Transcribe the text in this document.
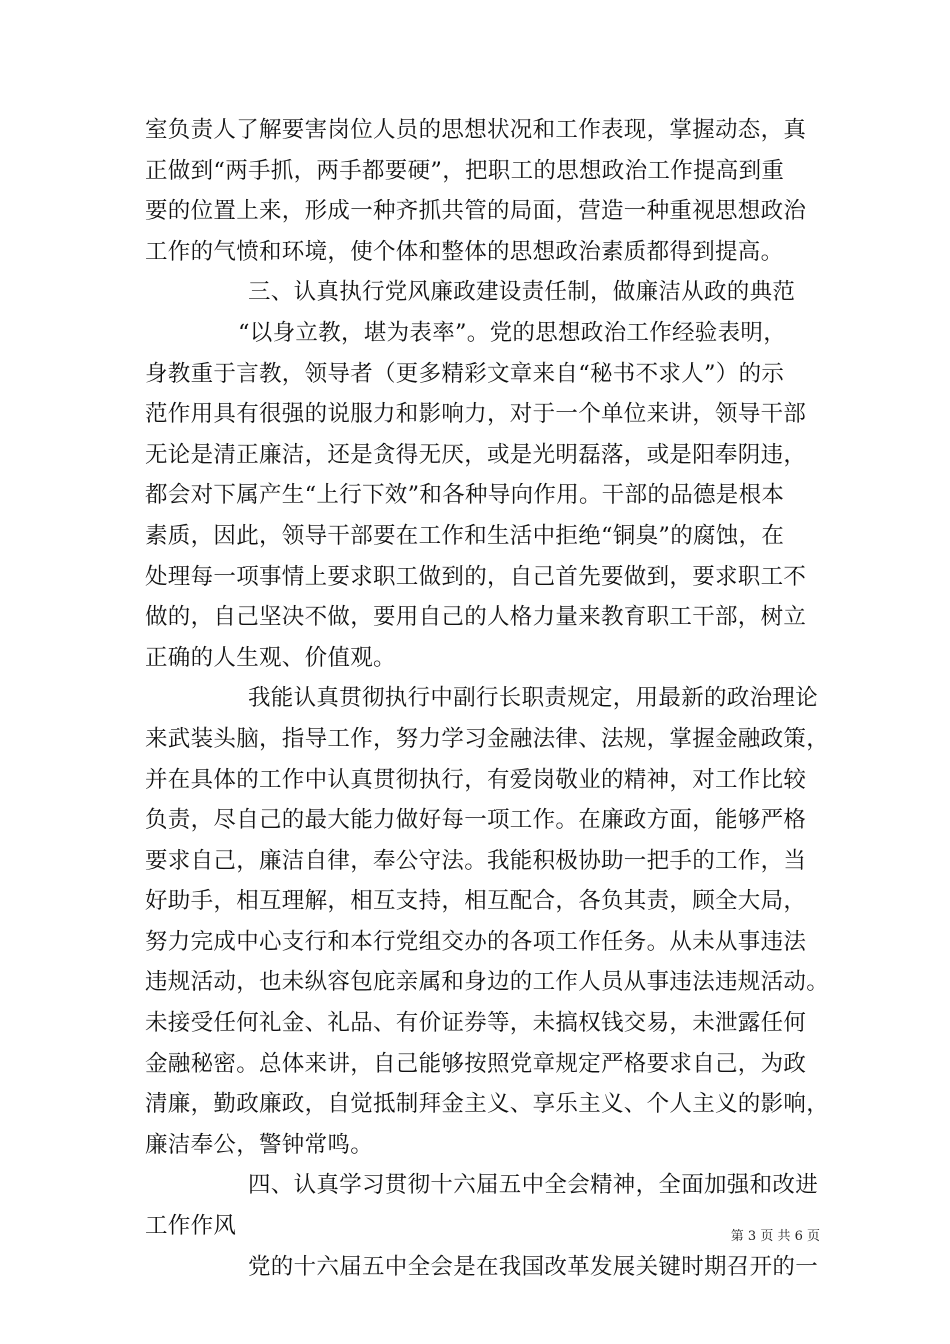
室负责人了解要害岗位人员的思想状况和工作表现，掌握动态，真
正做到“两手抓，两手都要硬”，把职工的思想政治工作提高到重
要的位置上来，形成一种齐抓共管的局面，营造一种重视思想政治
工作的气愤和环境，使个体和整体的思想政治素质都得到提高。
三、认真执行党风廉政建设责任制，做廉洁从政的典范
“以身立教，堪为表率”。党的思想政治工作经验表明，
身教重于言教，领导者（更多精彩文章来自“秘书不求人”）的示
范作用具有很强的说服力和影响力，对于一个单位来讲，领导干部
无论是清正廉洁，还是贪得无厌，或是光明磊落，或是阳奉阴违，
都会对下属产生“上行下效”和各种导向作用。干部的品德是根本
素质，因此，领导干部要在工作和生活中拒绝“铜臭”的腐蚀，在
处理每一项事情上要求职工做到的，自己首先要做到，要求职工不
做的，自己坚决不做，要用自己的人格力量来教育职工干部，树立
正确的人生观、价值观。
我能认真贯彻执行中副行长职责规定，用最新的政治理论
来武装头脑，指导工作，努力学习金融法律、法规，掌握金融政策，
并在具体的工作中认真贯彻执行，有爱岗敬业的精神，对工作比较
负责，尽自己的最大能力做好每一项工作。在廉政方面，能够严格
要求自己，廉洁自律，奉公守法。我能积极协助一把手的工作，当
好助手，相互理解，相互支持，相互配合，各负其责，顾全大局，
努力完成中心支行和本行党组交办的各项工作任务。从未从事违法
违规活动，也未纵容包庇亲属和身边的工作人员从事违法违规活动。
未接受任何礼金、礼品、有价证券等，未搞权钱交易，未泄露任何
金融秘密。总体来讲，自己能够按照党章规定严格要求自己，为政
清廉，勤政廉政，自觉抵制拜金主义、享乐主义、个人主义的影响，
廉洁奉公，警钟常鸣。
四、认真学习贯彻十六届五中全会精神，全面加强和改进
工作作风
党的十六届五中全会是在我国改革发展关键时期召开的一
第 3 页 共 6 页
